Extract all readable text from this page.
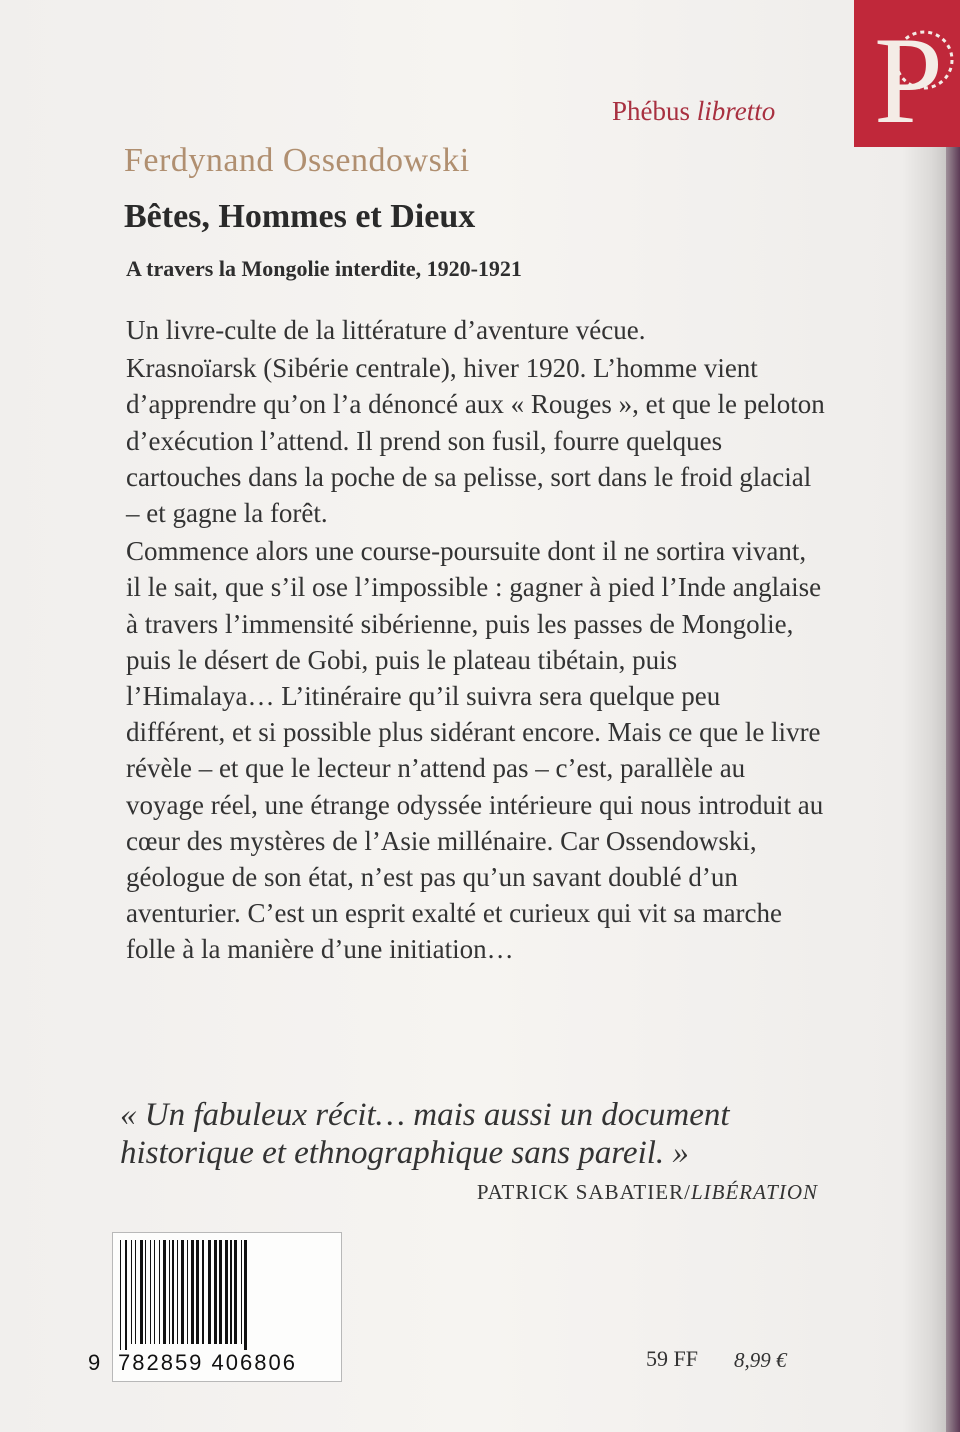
P
Phébus libretto
Ferdynand Ossendowski
Bêtes, Hommes et Dieux
A travers la Mongolie interdite, 1920-1921

Un livre-culte de la littérature d’aventure vécue.

Krasnoïarsk (Sibérie centrale), hiver 1920. L’homme vient d’apprendre qu’on l’a dénoncé aux « Rouges », et que le peloton d’exécution l’attend. Il prend son fusil, fourre quelques cartouches dans la poche de sa pelisse, sort dans le froid glacial – et gagne la forêt.

Commence alors une course-poursuite dont il ne sortira vivant, il le sait, que s’il ose l’impossible : gagner à pied l’Inde anglaise à travers l’immensité sibérienne, puis les passes de Mongolie, puis le désert de Gobi, puis le plateau tibétain, puis l’Himalaya… L’itinéraire qu’il suivra sera quelque peu différent, et si possible plus sidérant encore. Mais ce que le livre révèle – et que le lecteur n’attend pas – c’est, parallèle au voyage réel, une étrange odyssée intérieure qui nous introduit au cœur des mystères de l’Asie millénaire. Car Ossendowski, géologue de son état, n’est pas qu’un savant doublé d’un aventurier. C’est un esprit exalté et curieux qui vit sa marche folle à la manière d’une initiation…

« Un fabuleux récit… mais aussi un document historique et ethnographique sans pareil. »
PATRICK SABATIER/LIBÉRATION
9 782859 406806	59 FF 8,99 €
